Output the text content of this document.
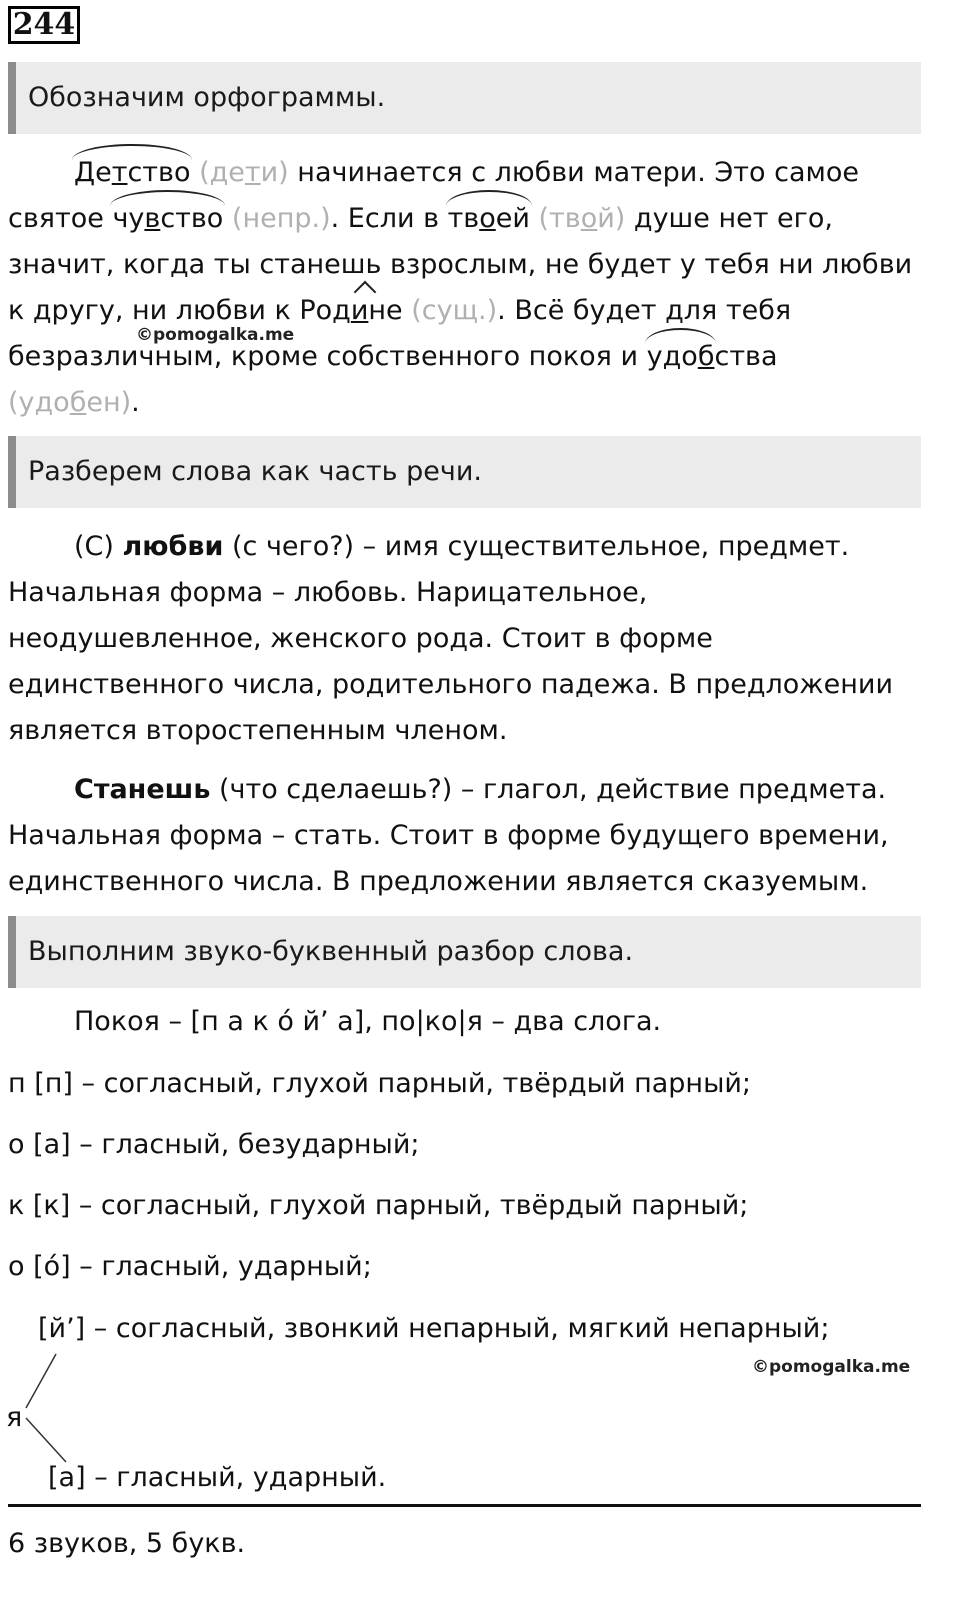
244
Обозначим орфограммы.
Детство (дети) начинается с любви матери. Это самое
святое чувство (непр.). Если в твоей (твой) душе нет его,
значит, когда ты станешь взрослым, не будет у тебя ни любви
к другу, ни любви к Родине (сущ.). Всё будет для тебя
безразличным, кроме собственного покоя и удобства
(удобен).
©pomogalka.me
Разберем слова как часть речи.
(С) любви (с чего?) – имя существительное, предмет.
Начальная форма – любовь. Нарицательное,
неодушевленное, женского рода. Стоит в форме
единственного числа, родительного падежа. В предложении
является второстепенным членом.
Станешь (что сделаешь?) – глагол, действие предмета.
Начальная форма – стать. Стоит в форме будущего времени,
единственного числа. В предложении является сказуемым.
Выполним звуко-буквенный разбор слова.
Покоя – [п а к ó й’ а], по|ко|я – два слога.
п [п] – согласный, глухой парный, твёрдый парный;
о [а] – гласный, безударный;
к [к] – согласный, глухой парный, твёрдый парный;
о [ó] – гласный, ударный;
[й’] – согласный, звонкий непарный, мягкий непарный;
©pomogalka.me
я
[а] – гласный, ударный.
6 звуков, 5 букв.
